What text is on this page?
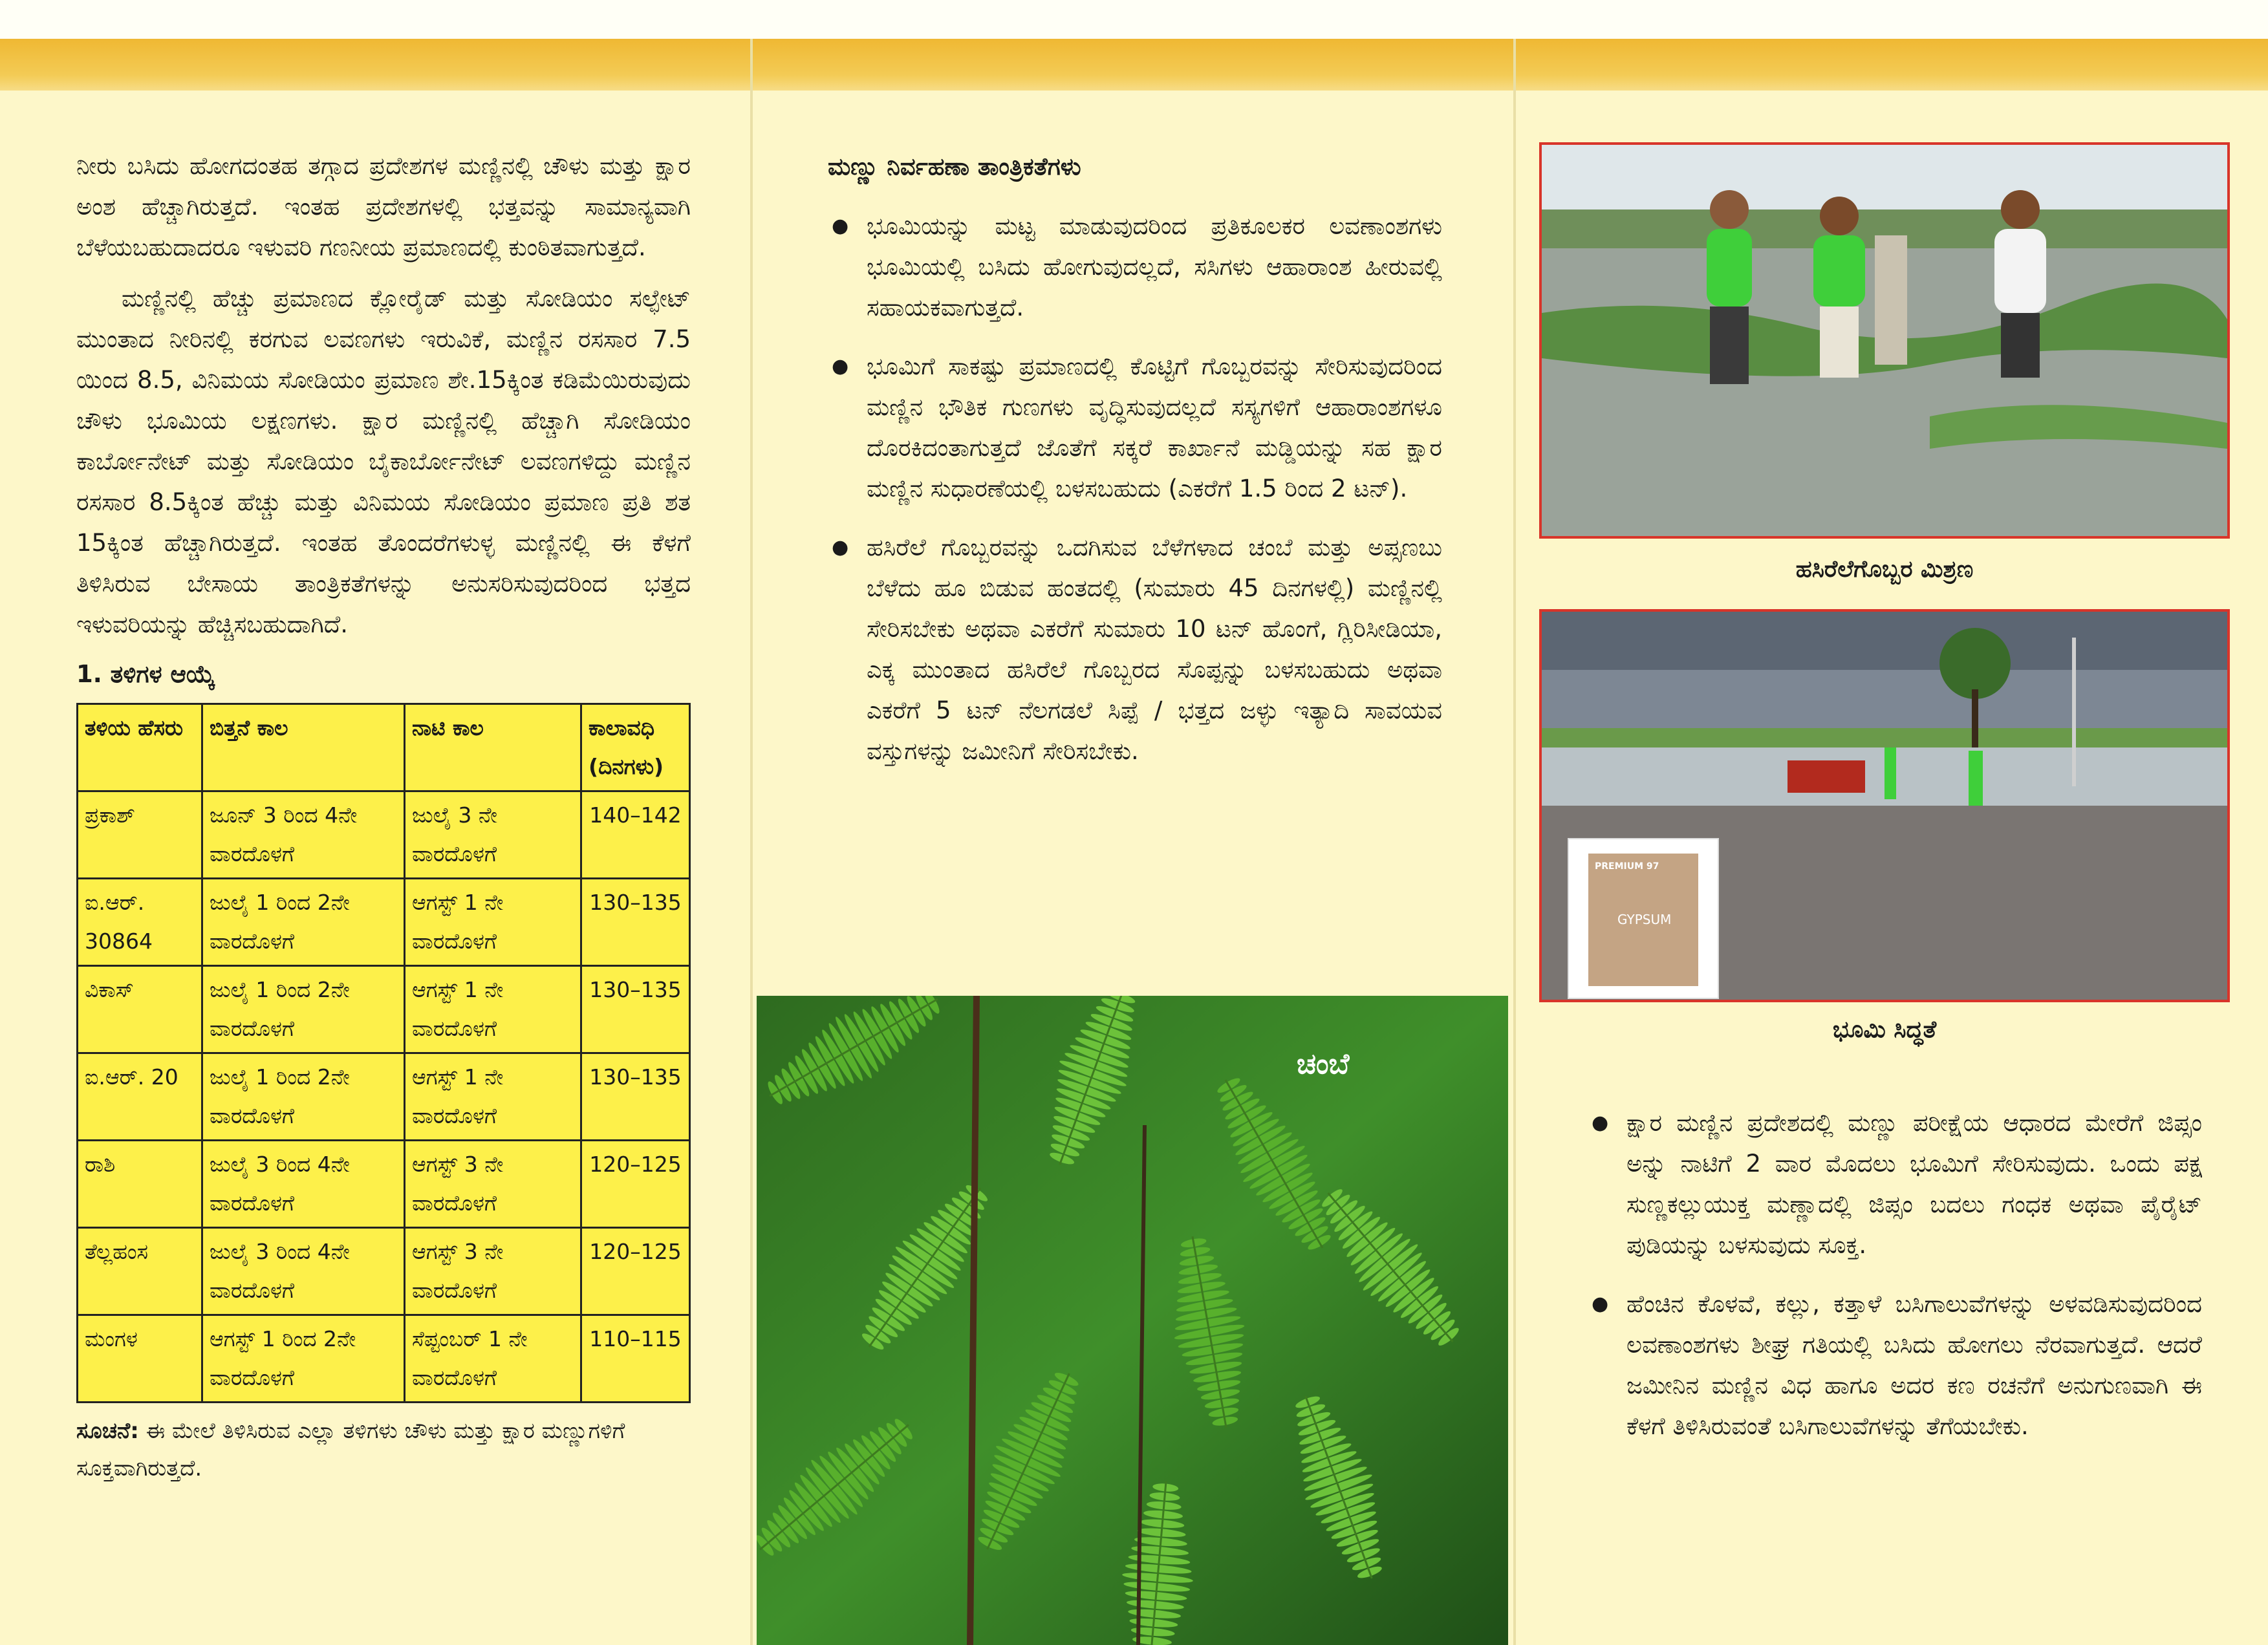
ನೀರು ಬಸಿದು ಹೋಗದಂತಹ ತಗ್ಗಾದ ಪ್ರದೇಶಗಳ ಮಣ್ಣಿನಲ್ಲಿ ಚೌಳು ಮತ್ತು ಕ್ಷಾರ ಅಂಶ ಹೆಚ್ಚಾಗಿರುತ್ತದೆ. ಇಂತಹ ಪ್ರದೇಶಗಳಲ್ಲಿ ಭತ್ತವನ್ನು ಸಾಮಾನ್ಯವಾಗಿ ಬೆಳೆಯಬಹುದಾದರೂ ಇಳುವರಿ ಗಣನೀಯ ಪ್ರಮಾಣದಲ್ಲಿ ಕುಂಠಿತವಾಗುತ್ತದೆ.

ಮಣ್ಣಿನಲ್ಲಿ ಹೆಚ್ಚು ಪ್ರಮಾಣದ ಕ್ಲೋರೈಡ್ ಮತ್ತು ಸೋಡಿಯಂ ಸಲ್ಫೇಟ್ ಮುಂತಾದ ನೀರಿನಲ್ಲಿ ಕರಗುವ ಲವಣಗಳು ಇರುವಿಕೆ, ಮಣ್ಣಿನ ರಸಸಾರ 7.5 ಯಿಂದ 8.5, ವಿನಿಮಯ ಸೋಡಿಯಂ ಪ್ರಮಾಣ ಶೇ.15ಕ್ಕಿಂತ ಕಡಿಮೆಯಿರುವುದು ಚೌಳು ಭೂಮಿಯ ಲಕ್ಷಣಗಳು. ಕ್ಷಾರ ಮಣ್ಣಿನಲ್ಲಿ ಹೆಚ್ಚಾಗಿ ಸೋಡಿಯಂ ಕಾರ್ಬೋನೇಟ್ ಮತ್ತು ಸೋಡಿಯಂ ಬೈಕಾರ್ಬೋನೇಟ್ ಲವಣಗಳಿದ್ದು ಮಣ್ಣಿನ ರಸಸಾರ 8.5ಕ್ಕಿಂತ ಹೆಚ್ಚು ಮತ್ತು ವಿನಿಮಯ ಸೋಡಿಯಂ ಪ್ರಮಾಣ ಪ್ರತಿ ಶತ 15ಕ್ಕಿಂತ ಹೆಚ್ಚಾಗಿರುತ್ತದೆ. ಇಂತಹ ತೊಂದರೆಗಳುಳ್ಳ ಮಣ್ಣಿನಲ್ಲಿ ಈ ಕೆಳಗೆ ತಿಳಿಸಿರುವ ಬೇಸಾಯ ತಾಂತ್ರಿಕತೆಗಳನ್ನು ಅನುಸರಿಸುವುದರಿಂದ ಭತ್ತದ ಇಳುವರಿಯನ್ನು ಹೆಚ್ಚಿಸಬಹುದಾಗಿದೆ.

1. ತಳಿಗಳ ಆಯ್ಕೆ
ತಳಿಯ ಹೆಸರು	ಬಿತ್ತನೆ ಕಾಲ	ನಾಟಿ ಕಾಲ	ಕಾಲಾವಧಿ (ದಿನಗಳು)
ಪ್ರಕಾಶ್	ಜೂನ್ 3 ರಿಂದ 4ನೇ ವಾರದೊಳಗೆ	ಜುಲೈ 3 ನೇ ವಾರದೊಳಗೆ	140–142
ಐ.ಆರ್. 30864	ಜುಲೈ 1 ರಿಂದ 2ನೇ ವಾರದೊಳಗೆ	ಆಗಸ್ಟ್ 1 ನೇ ವಾರದೊಳಗೆ	130–135
ವಿಕಾಸ್	ಜುಲೈ 1 ರಿಂದ 2ನೇ ವಾರದೊಳಗೆ	ಆಗಸ್ಟ್ 1 ನೇ ವಾರದೊಳಗೆ	130–135
ಐ.ಆರ್. 20	ಜುಲೈ 1 ರಿಂದ 2ನೇ ವಾರದೊಳಗೆ	ಆಗಸ್ಟ್ 1 ನೇ ವಾರದೊಳಗೆ	130–135
ರಾಶಿ	ಜುಲೈ 3 ರಿಂದ 4ನೇ ವಾರದೊಳಗೆ	ಆಗಸ್ಟ್ 3 ನೇ ವಾರದೊಳಗೆ	120–125
ತೆಲ್ಲಹಂಸ	ಜುಲೈ 3 ರಿಂದ 4ನೇ ವಾರದೊಳಗೆ	ಆಗಸ್ಟ್ 3 ನೇ ವಾರದೊಳಗೆ	120–125
ಮಂಗಳ	ಆಗಸ್ಟ್ 1 ರಿಂದ 2ನೇ ವಾರದೊಳಗೆ	ಸೆಪ್ಟಂಬರ್ 1 ನೇ ವಾರದೊಳಗೆ	110–115
ಸೂಚನೆ: ಈ ಮೇಲೆ ತಿಳಿಸಿರುವ ಎಲ್ಲಾ ತಳಿಗಳು ಚೌಳು ಮತ್ತು ಕ್ಷಾರ ಮಣ್ಣುಗಳಿಗೆ ಸೂಕ್ತವಾಗಿರುತ್ತದೆ.
ಮಣ್ಣು ನಿರ್ವಹಣಾ ತಾಂತ್ರಿಕತೆಗಳು
● ಭೂಮಿಯನ್ನು ಮಟ್ಟ ಮಾಡುವುದರಿಂದ ಪ್ರತಿಕೂಲಕರ ಲವಣಾಂಶಗಳು ಭೂಮಿಯಲ್ಲಿ ಬಸಿದು ಹೋಗುವುದಲ್ಲದೆ, ಸಸಿಗಳು ಆಹಾರಾಂಶ ಹೀರುವಲ್ಲಿ ಸಹಾಯಕವಾಗುತ್ತದೆ.
● ಭೂಮಿಗೆ ಸಾಕಷ್ಟು ಪ್ರಮಾಣದಲ್ಲಿ ಕೊಟ್ಟಿಗೆ ಗೊಬ್ಬರವನ್ನು ಸೇರಿಸುವುದರಿಂದ ಮಣ್ಣಿನ ಭೌತಿಕ ಗುಣಗಳು ವೃದ್ಧಿಸುವುದಲ್ಲದೆ ಸಸ್ಯಗಳಿಗೆ ಆಹಾರಾಂಶಗಳೂ ದೊರಕಿದಂತಾಗುತ್ತದೆ ಜೊತೆಗೆ ಸಕ್ಕರೆ ಕಾರ್ಖಾನೆ ಮಡ್ಡಿಯನ್ನು ಸಹ ಕ್ಷಾರ ಮಣ್ಣಿನ ಸುಧಾರಣೆಯಲ್ಲಿ ಬಳಸಬಹುದು (ಎಕರೆಗೆ 1.5 ರಿಂದ 2 ಟನ್).
● ಹಸಿರೆಲೆ ಗೊಬ್ಬರವನ್ನು ಒದಗಿಸುವ ಬೆಳೆಗಳಾದ ಚಂಬೆ ಮತ್ತು ಅಪ್ಸಣಬು ಬೆಳೆದು ಹೂ ಬಿಡುವ ಹಂತದಲ್ಲಿ (ಸುಮಾರು 45 ದಿನಗಳಲ್ಲಿ) ಮಣ್ಣಿನಲ್ಲಿ ಸೇರಿಸಬೇಕು ಅಥವಾ ಎಕರೆಗೆ ಸುಮಾರು 10 ಟನ್ ಹೊಂಗೆ, ಗ್ಲಿರಿಸೀಡಿಯಾ, ಎಕ್ಕ ಮುಂತಾದ ಹಸಿರೆಲೆ ಗೊಬ್ಬರದ ಸೊಪ್ಪನ್ನು ಬಳಸಬಹುದು ಅಥವಾ ಎಕರೆಗೆ 5 ಟನ್ ನೆಲಗಡಲೆ ಸಿಪ್ಪೆ / ಭತ್ತದ ಜಳ್ಳು ಇತ್ಯಾದಿ ಸಾವಯವ ವಸ್ತುಗಳನ್ನು ಜಮೀನಿಗೆ ಸೇರಿಸಬೇಕು.
ಚಂಬೆ
ಹಸಿರೆಲೆಗೊಬ್ಬರ ಮಿಶ್ರಣ
PREMIUM 97
GYPSUM
ಭೂಮಿ ಸಿದ್ಧತೆ
● ಕ್ಷಾರ ಮಣ್ಣಿನ ಪ್ರದೇಶದಲ್ಲಿ ಮಣ್ಣು ಪರೀಕ್ಷೆಯ ಆಧಾರದ ಮೇರೆಗೆ ಜಿಪ್ಸಂ ಅನ್ನು ನಾಟಿಗೆ 2 ವಾರ ಮೊದಲು ಭೂಮಿಗೆ ಸೇರಿಸುವುದು. ಒಂದು ಪಕ್ಷ ಸುಣ್ಣಕಲ್ಲುಯುಕ್ತ ಮಣ್ಣಾದಲ್ಲಿ ಜಿಪ್ಸಂ ಬದಲು ಗಂಧಕ ಅಥವಾ ಪೈರೈಟ್ ಪುಡಿಯನ್ನು ಬಳಸುವುದು ಸೂಕ್ತ.
● ಹೆಂಚಿನ ಕೊಳವೆ, ಕಲ್ಲು, ಕತ್ತಾಳೆ ಬಸಿಗಾಲುವೆಗಳನ್ನು ಅಳವಡಿಸುವುದರಿಂದ ಲವಣಾಂಶಗಳು ಶೀಘ್ರ ಗತಿಯಲ್ಲಿ ಬಸಿದು ಹೋಗಲು ನೆರವಾಗುತ್ತದೆ. ಆದರೆ ಜಮೀನಿನ ಮಣ್ಣಿನ ವಿಧ ಹಾಗೂ ಅದರ ಕಣ ರಚನೆಗೆ ಅನುಗುಣವಾಗಿ ಈ ಕೆಳಗೆ ತಿಳಿಸಿರುವಂತೆ ಬಸಿಗಾಲುವೆಗಳನ್ನು ತೆಗೆಯಬೇಕು.
